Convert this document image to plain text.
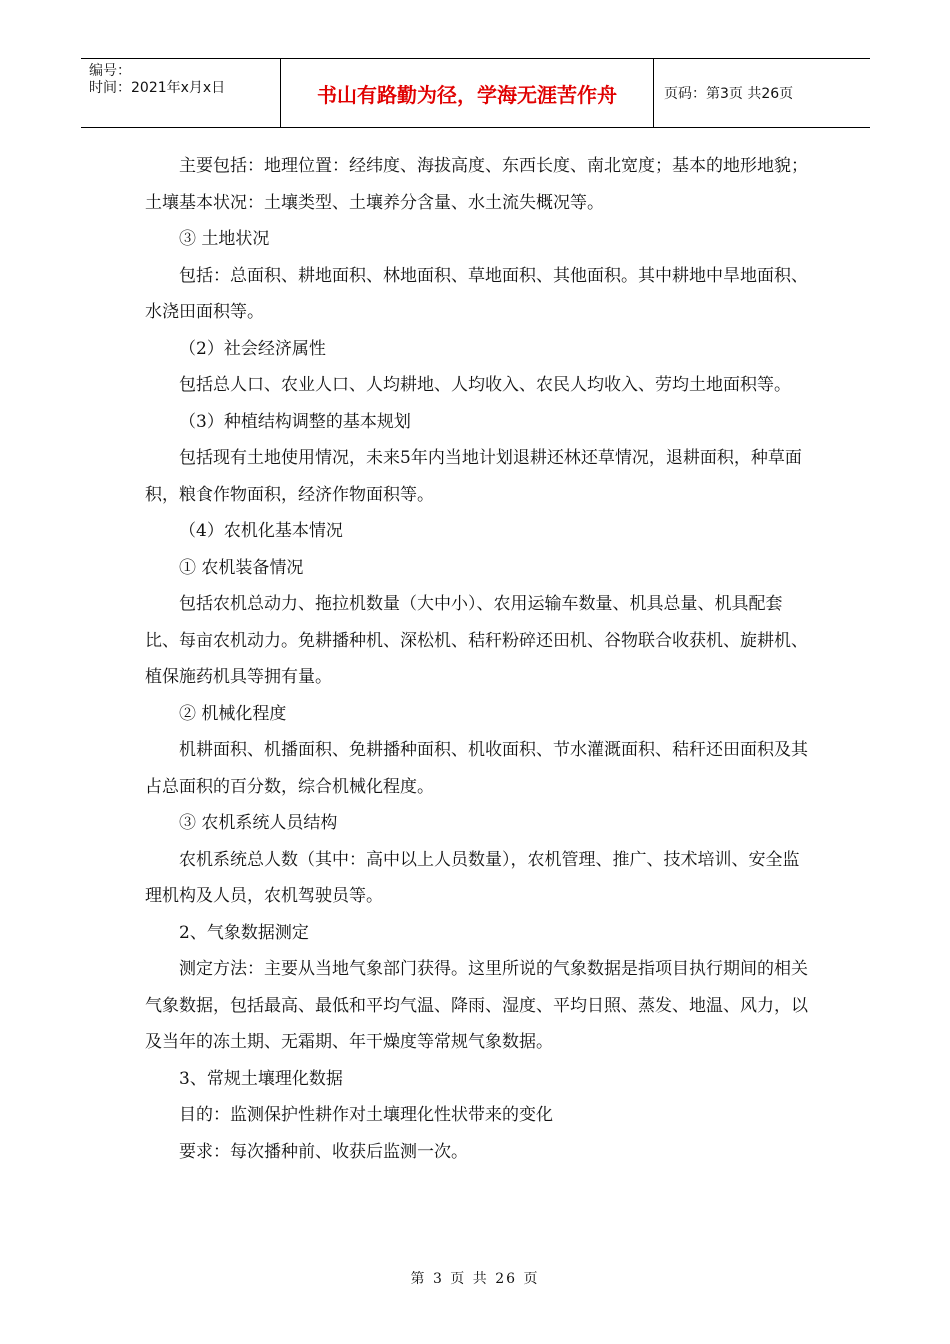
编号：
时间：2021年x月x日	书山有路勤为径，学海无涯苦作舟	页码：第3页 共26页

主要包括：地理位置：经纬度、海拔高度、东西长度、南北宽度；基本的地形地貌；土壤基本状况：土壤类型、土壤养分含量、水土流失概况等。

③ 土地状况

包括：总面积、耕地面积、林地面积、草地面积、其他面积。其中耕地中旱地面积、水浇田面积等。

（2）社会经济属性

包括总人口、农业人口、人均耕地、人均收入、农民人均收入、劳均土地面积等。

（3）种植结构调整的基本规划

包括现有土地使用情况，未来5年内当地计划退耕还林还草情况，退耕面积，种草面积，粮食作物面积，经济作物面积等。

（4）农机化基本情况

① 农机装备情况

包括农机总动力、拖拉机数量（大中小）、农用运输车数量、机具总量、机具配套比、每亩农机动力。免耕播种机、深松机、秸秆粉碎还田机、谷物联合收获机、旋耕机、植保施药机具等拥有量。

② 机械化程度

机耕面积、机播面积、免耕播种面积、机收面积、节水灌溉面积、秸秆还田面积及其占总面积的百分数，综合机械化程度。

③ 农机系统人员结构

农机系统总人数（其中：高中以上人员数量），农机管理、推广、技术培训、安全监理机构及人员，农机驾驶员等。

2、气象数据测定

测定方法：主要从当地气象部门获得。这里所说的气象数据是指项目执行期间的相关气象数据，包括最高、最低和平均气温、降雨、湿度、平均日照、蒸发、地温、风力，以及当年的冻土期、无霜期、年干燥度等常规气象数据。

3、常规土壤理化数据

目的：监测保护性耕作对土壤理化性状带来的变化

要求：每次播种前、收获后监测一次。

第 3 页 共 26 页
